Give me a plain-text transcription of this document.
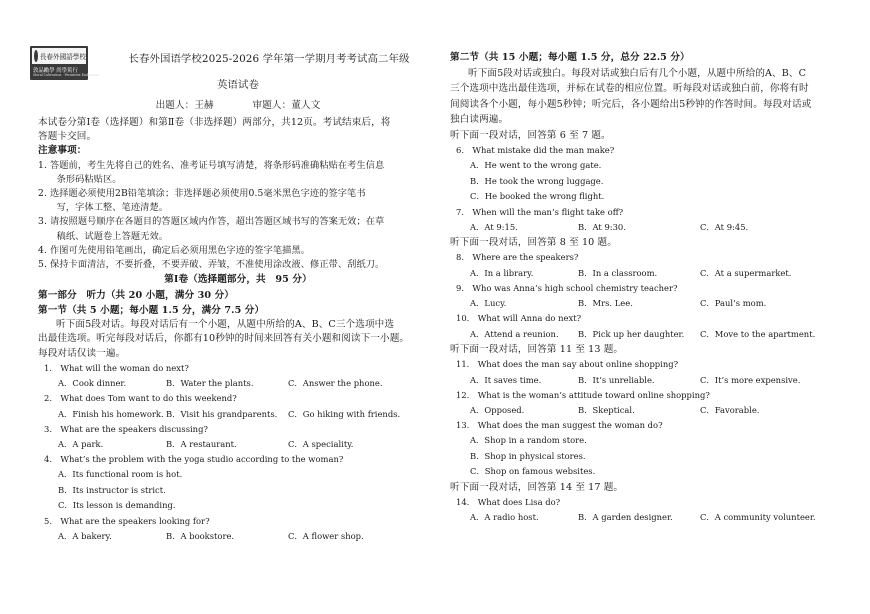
長春外國語學校
敦品勵學 尚學篤行
Moral Cultivation · Persistent Endeavour
长春外国语学校2025-2026 学年第一学期月考考试高二年级
英语试卷
出题人：王赫　　　　审题人：董人文
本试卷分第Ⅰ卷（选择题）和第Ⅱ卷（非选择题）两部分，共12页。考试结束后，将
答题卡交回。
注意事项：
1. 答题前，考生先将自己的姓名、准考证号填写清楚，将条形码准确粘贴在考生信息
　　条形码粘贴区。
2. 选择题必须使用2B铅笔填涂；非选择题必须使用0.5毫米黑色字迹的签字笔书
　　写，字体工整、笔迹清楚。
3. 请按照题号顺序在各题目的答题区域内作答，超出答题区域书写的答案无效；在草
　　稿纸、试题卷上答题无效。
4. 作图可先使用铅笔画出，确定后必须用黑色字迹的签字笔描黑。
5. 保持卡面清洁，不要折叠，不要弄破、弄皱，不准使用涂改液、修正带、刮纸刀。
第Ⅰ卷（选择题部分，共　95 分）
第一部分　听力（共 20 小题，满分 30 分）
第一节（共 5 小题；每小题 1.5 分，满分 7.5 分）
听下面5段对话。每段对话后有一个小题，从题中所给的A、B、C三个选项中选
出最佳选项。听完每段对话后，你都有10秒钟的时间来回答有关小题和阅读下一小题。
每段对话仅读一遍。
1.　What will the woman do next?
A．Cook dinner.	B．Water the plants.	C．Answer the phone.
2.　What does Tom want to do this weekend?
A．Finish his homework. B．Visit his grandparents.	C．Go hiking with friends.
3.　What are the speakers discussing?
A．A park.	B．A restaurant.	C．A speciality.
4.　What’s the problem with the yoga studio according to the woman?
A．Its functional room is hot.
B．Its instructor is strict.
C．Its lesson is demanding.
5.　What are the speakers looking for?
A．A bakery.	B．A bookstore.	C．A flower shop.
第二节（共 15 小题；每小题 1.5 分，总分 22.5 分）
听下面5段对话或独白。每段对话或独白后有几个小题，从题中所给的A、B、C
三个选项中选出最佳选项，并标在试卷的相应位置。听每段对话或独白前，你将有时
间阅读各个小题，每小题5秒钟；听完后，各小题给出5秒钟的作答时间。每段对话或
独白读两遍。
听下面一段对话，回答第 6 至 7 题。
6.　What mistake did the man make?
A．He went to the wrong gate.
B．He took the wrong luggage.
C．He booked the wrong flight.
7.　When will the man’s flight take off?
A．At 9:15.	B．At 9:30.	C．At 9:45.
听下面一段对话，回答第 8 至 10 题。
8.　Where are the speakers?
A．In a library.	B．In a classroom.	C．At a supermarket.
9.　Who was Anna’s high school chemistry teacher?
A．Lucy.	B．Mrs. Lee.	C．Paul’s mom.
10.　What will Anna do next?
A．Attend a reunion.	B．Pick up her daughter.	C．Move to the apartment.
听下面一段对话，回答第 11 至 13 题。
11.　What does the man say about online shopping?
A．It saves time.	B．It’s unreliable.	C．It’s more expensive.
12.　What is the woman’s attitude toward online shopping?
A．Opposed.	B．Skeptical.	C．Favorable.
13.　What does the man suggest the woman do?
A．Shop in a random store.
B．Shop in physical stores.
C．Shop on famous websites.
听下面一段对话，回答第 14 至 17 题。
14.　What does Lisa do?
A．A radio host.	B．A garden designer.	C．A community volunteer.
